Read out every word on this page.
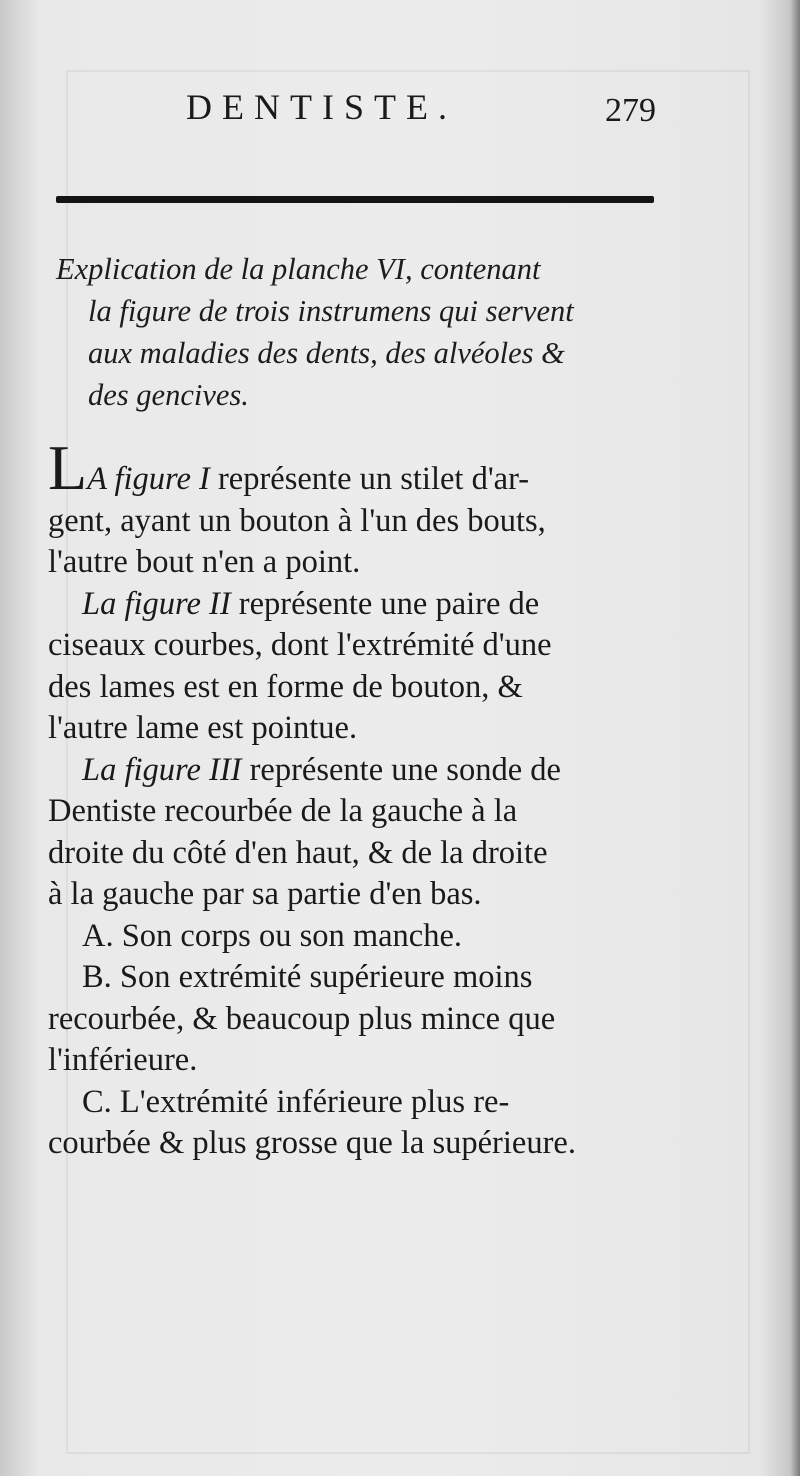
DENTISTE.	279

Explication de la planche VI, contenant
la figure de trois instrumens qui servent
aux maladies des dents, des alvéoles &
des gencives.

LA figure I représente un stilet d'ar-
gent, ayant un bouton à l'un des bouts,
l'autre bout n'en a point.
La figure II représente une paire de
ciseaux courbes, dont l'extrémité d'une
des lames est en forme de bouton, &
l'autre lame est pointue.
La figure III représente une sonde de
Dentiste recourbée de la gauche à la
droite du côté d'en haut, & de la droite
à la gauche par sa partie d'en bas.
A. Son corps ou son manche.
B. Son extrémité supérieure moins
recourbée, & beaucoup plus mince que
l'inférieure.
C. L'extrémité inférieure plus re-
courbée & plus grosse que la supérieure.
